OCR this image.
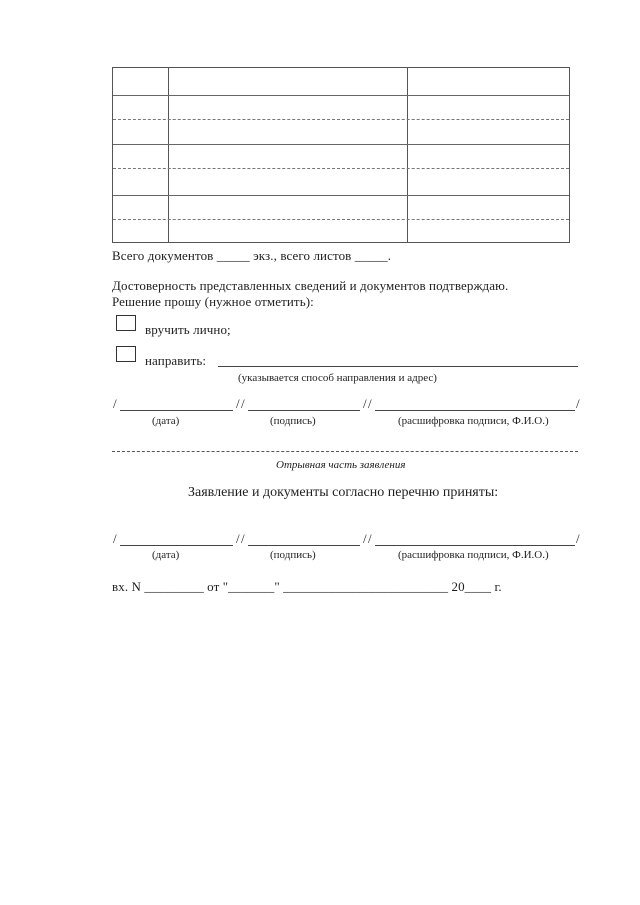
Всего документов _____ экз., всего листов _____.
Достоверность представленных сведений и документов подтверждаю.
Решение прошу (нужное отметить):
вручить лично;
направить:
(указывается способ направления и адрес)
/	/ /	/ /	/
(дата)	(подпись)	(расшифровка подписи, Ф.И.О.)
Отрывная часть заявления
Заявление и документы согласно перечню приняты:
/	/ /	/ /	/
(дата)	(подпись)	(расшифровка подписи, Ф.И.О.)
вх. N _________ от "_______" _________________________ 20____ г.
